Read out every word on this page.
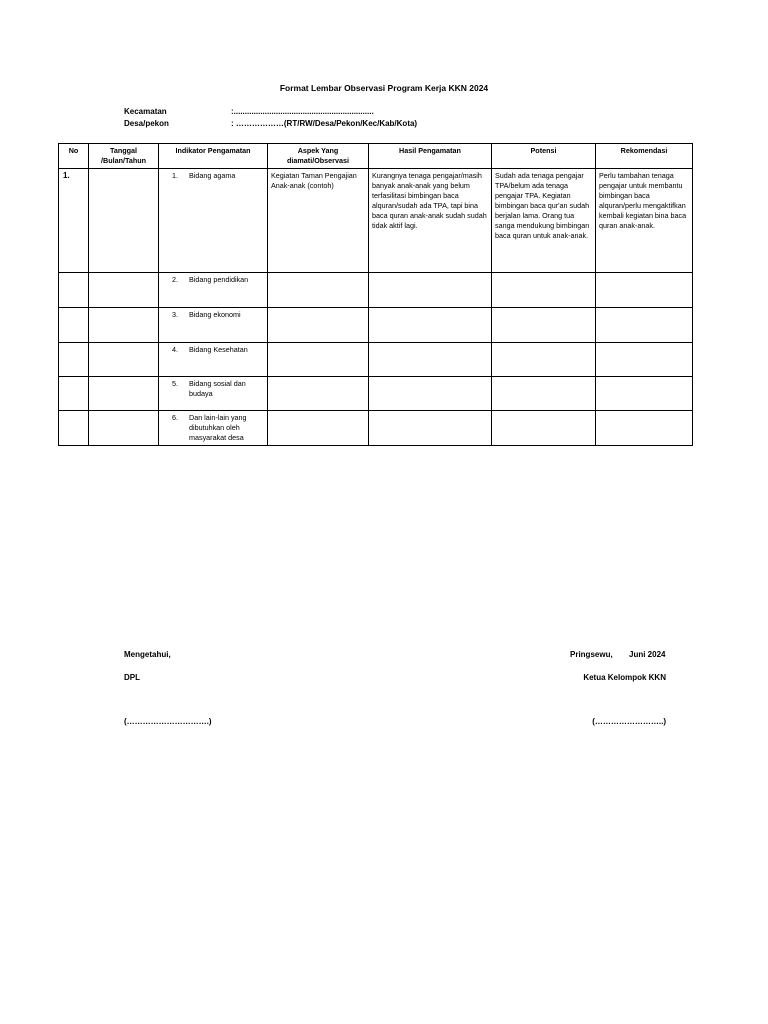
Format Lembar Observasi Program Kerja KKN 2024
Kecamatan	:...............................................................
Desa/pekon	: ………………(RT/RW/Desa/Pekon/Kec/Kab/Kota)
No	Tanggal /Bulan/Tahun	Indikator Pengamatan	Aspek Yang diamati/Observasi	Hasil Pengamatan	Potensi	Rekomendasi
1.		1. Bidang agama	Kegiatan Taman Pengajian Anak-anak (contoh)	Kurangnya tenaga pengajar/masih banyak anak-anak yang belum terfasilitasi bimbingan baca alquran/sudah ada TPA, tapi bina baca quran anak-anak sudah sudah tidak aktif lagi.	Sudah ada tenaga pengajar TPA/belum ada tenaga pengajar TPA. Kegiatan bimbingan baca qur'an sudah berjalan lama. Orang tua sanga mendukung bimbingan baca quran untuk anak-anak.	Perlu tambahan tenaga pengajar untuk membantu bimbingan baca alquran/perlu mengaktifkan kembali kegiatan bina baca quran anak-anak.

		2. Bidang pendidikan				

		3. Bidang ekonomi				

		4. Bidang Kesehatan				

		5. Bidang sosial dan budaya				

		6. Dan lain-lain yang dibutuhkan oleh masyarakat desa				

Mengetahui,
DPL
(………………………….)
Pringsewu, Juni 2024
Ketua Kelompok KKN
(……………………..)
